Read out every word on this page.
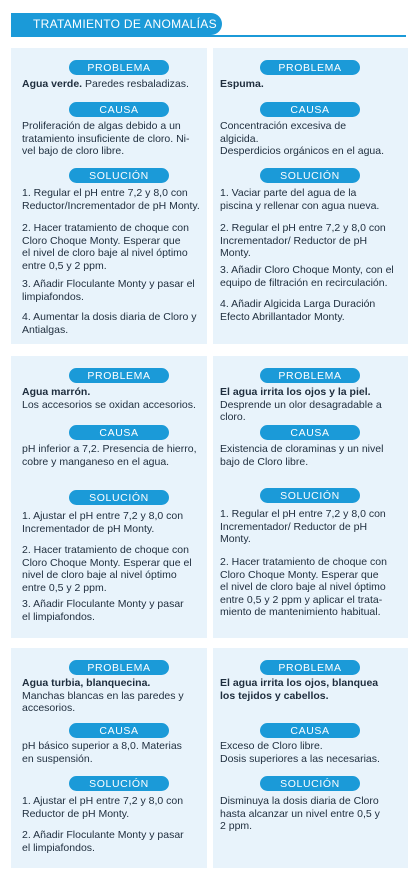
TRATAMIENTO DE ANOMALÍAS
PROBLEMA
Agua verde. Paredes resbaladizas.
CAUSA
Proliferación de algas debido a un
tratamiento insuficiente de cloro. Ni-
vel bajo de cloro libre.
SOLUCIÓN
1. Regular el pH entre 7,2 y 8,0 con
Reductor/Incrementador de pH Monty.
2. Hacer tratamiento de choque con
Cloro Choque Monty. Esperar que
el nivel de cloro baje al nivel óptimo
entre 0,5 y 2 ppm.
3. Añadir Floculante Monty y pasar el
limpiafondos.
4. Aumentar la dosis diaria de Cloro y
Antialgas.
PROBLEMA
Espuma.
CAUSA
Concentración excesiva de
algicida.
Desperdicios orgánicos en el agua.
SOLUCIÓN
1. Vaciar parte del agua de la
piscina y rellenar con agua nueva.
2. Regular el pH entre 7,2 y 8,0 con
Incrementador/ Reductor de pH
Monty.
3. Añadir Cloro Choque Monty, con el
equipo de filtración en recirculación.
4. Añadir Algicida Larga Duración
Efecto Abrillantador Monty.
PROBLEMA
Agua marrón.
Los accesorios se oxidan accesorios.
CAUSA
pH inferior a 7,2. Presencia de hierro,
cobre y manganeso en el agua.
SOLUCIÓN
1. Ajustar el pH entre 7,2 y 8,0 con
Incrementador de pH Monty.
2. Hacer tratamiento de choque con
Cloro Choque Monty. Esperar que el
nivel de cloro baje al nivel óptimo
entre 0,5 y 2 ppm.
3. Añadir Floculante Monty y pasar
el limpiafondos.
PROBLEMA
El agua irrita los ojos y la piel.
Desprende un olor desagradable a
cloro.
CAUSA
Existencia de cloraminas y un nivel
bajo de Cloro libre.
SOLUCIÓN
1. Regular el pH entre 7,2 y 8,0 con
Incrementador/ Reductor de pH
Monty.
2. Hacer tratamiento de choque con
Cloro Choque Monty. Esperar que
el nivel de cloro baje al nivel óptimo
entre 0,5 y 2 ppm y aplicar el trata-
miento de mantenimiento habitual.
PROBLEMA
Agua turbia, blanquecina.
Manchas blancas en las paredes y
accesorios.
CAUSA
pH básico superior a 8,0. Materias
en suspensión.
SOLUCIÓN
1. Ajustar el pH entre 7,2 y 8,0 con
Reductor de pH Monty.
2. Añadir Floculante Monty y pasar
el limpiafondos.
PROBLEMA
El agua irrita los ojos, blanquea
los tejidos y cabellos.
CAUSA
Exceso de Cloro libre.
Dosis superiores a las necesarias.
SOLUCIÓN
Disminuya la dosis diaria de Cloro
hasta alcanzar un nivel entre 0,5 y
2 ppm.
